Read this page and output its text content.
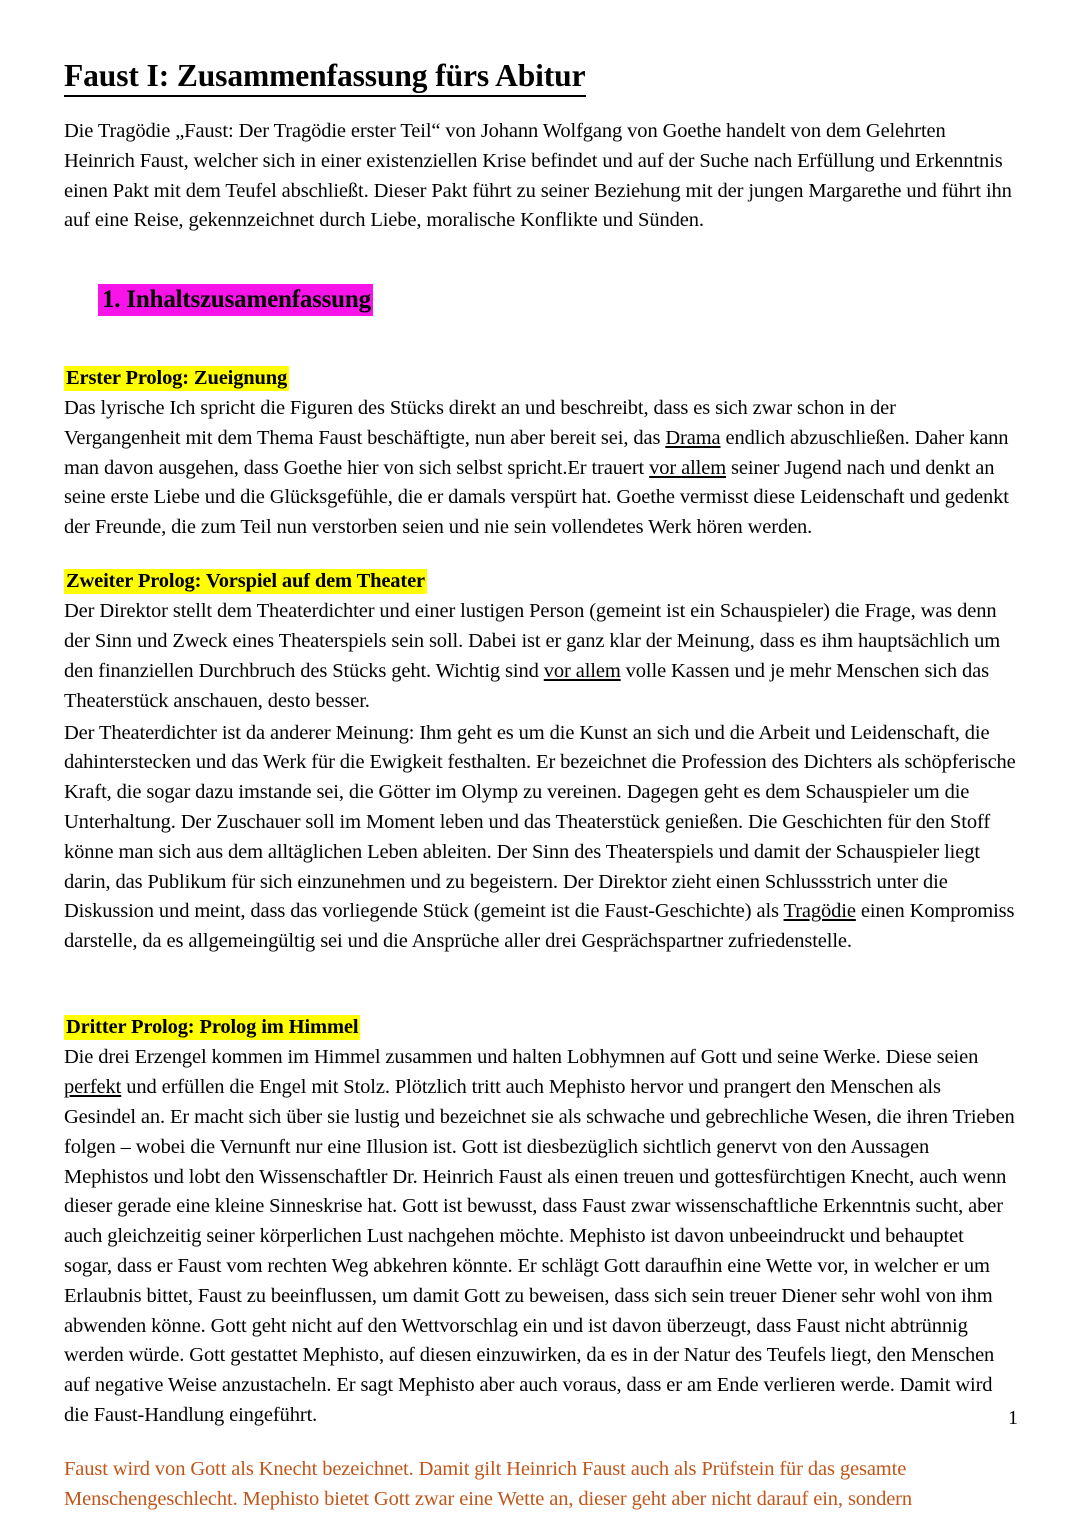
Faust I: Zusammenfassung fürs Abitur

Die Tragödie „Faust: Der Tragödie erster Teil“ von Johann Wolfgang von Goethe handelt von dem Gelehrten Heinrich Faust, welcher sich in einer existenziellen Krise befindet und auf der Suche nach Erfüllung und Erkenntnis einen Pakt mit dem Teufel abschließt. Dieser Pakt führt zu seiner Beziehung mit der jungen Margarethe und führt ihn auf eine Reise, gekennzeichnet durch Liebe, moralische Konflikte und Sünden.

1. Inhaltszusamenfassung
Erster Prolog: Zueignung

Das lyrische Ich spricht die Figuren des Stücks direkt an und beschreibt, dass es sich zwar schon in der Vergangenheit mit dem Thema Faust beschäftigte, nun aber bereit sei, das Drama endlich abzuschließen. Daher kann man davon ausgehen, dass Goethe hier von sich selbst spricht.Er trauert vor allem seiner Jugend nach und denkt an seine erste Liebe und die Glücksgefühle, die er damals verspürt hat. Goethe vermisst diese Leidenschaft und gedenkt der Freunde, die zum Teil nun verstorben seien und nie sein vollendetes Werk hören werden.

Zweiter Prolog: Vorspiel auf dem Theater

Der Direktor stellt dem Theaterdichter und einer lustigen Person (gemeint ist ein Schauspieler) die Frage, was denn der Sinn und Zweck eines Theaterspiels sein soll. Dabei ist er ganz klar der Meinung, dass es ihm hauptsächlich um den finanziellen Durchbruch des Stücks geht. Wichtig sind vor allem volle Kassen und je mehr Menschen sich das Theaterstück anschauen, desto besser.

Der Theaterdichter ist da anderer Meinung: Ihm geht es um die Kunst an sich und die Arbeit und Leidenschaft, die dahinterstecken und das Werk für die Ewigkeit festhalten. Er bezeichnet die Profession des Dichters als schöpferische Kraft, die sogar dazu imstande sei, die Götter im Olymp zu vereinen. Dagegen geht es dem Schauspieler um die Unterhaltung. Der Zuschauer soll im Moment leben und das Theaterstück genießen. Die Geschichten für den Stoff könne man sich aus dem alltäglichen Leben ableiten. Der Sinn des Theaterspiels und damit der Schauspieler liegt darin, das Publikum für sich einzunehmen und zu begeistern. Der Direktor zieht einen Schlussstrich unter die Diskussion und meint, dass das vorliegende Stück (gemeint ist die Faust-Geschichte) als Tragödie einen Kompromiss darstelle, da es allgemeingültig sei und die Ansprüche aller drei Gesprächspartner zufriedenstelle.

Dritter Prolog: Prolog im Himmel

Die drei Erzengel kommen im Himmel zusammen und halten Lobhymnen auf Gott und seine Werke. Diese seien perfekt und erfüllen die Engel mit Stolz. Plötzlich tritt auch Mephisto hervor und prangert den Menschen als Gesindel an. Er macht sich über sie lustig und bezeichnet sie als schwache und gebrechliche Wesen, die ihren Trieben folgen – wobei die Vernunft nur eine Illusion ist. Gott ist diesbezüglich sichtlich genervt von den Aussagen Mephistos und lobt den Wissenschaftler Dr. Heinrich Faust als einen treuen und gottesfürchtigen Knecht, auch wenn dieser gerade eine kleine Sinneskrise hat. Gott ist bewusst, dass Faust zwar wissenschaftliche Erkenntnis sucht, aber auch gleichzeitig seiner körperlichen Lust nachgehen möchte. Mephisto ist davon unbeeindruckt und behauptet sogar, dass er Faust vom rechten Weg abkehren könnte. Er schlägt Gott daraufhin eine Wette vor, in welcher er um Erlaubnis bittet, Faust zu beeinflussen, um damit Gott zu beweisen, dass sich sein treuer Diener sehr wohl von ihm abwenden könne. Gott geht nicht auf den Wettvorschlag ein und ist davon überzeugt, dass Faust nicht abtrünnig werden würde. Gott gestattet Mephisto, auf diesen einzuwirken, da es in der Natur des Teufels liegt, den Menschen auf negative Weise anzustacheln. Er sagt Mephisto aber auch voraus, dass er am Ende verlieren werde. Damit wird die Faust-Handlung eingeführt.

Faust wird von Gott als Knecht bezeichnet. Damit gilt Heinrich Faust auch als Prüfstein für das gesamte Menschengeschlecht. Mephisto bietet Gott zwar eine Wette an, dieser geht aber nicht darauf ein, sondern

1
